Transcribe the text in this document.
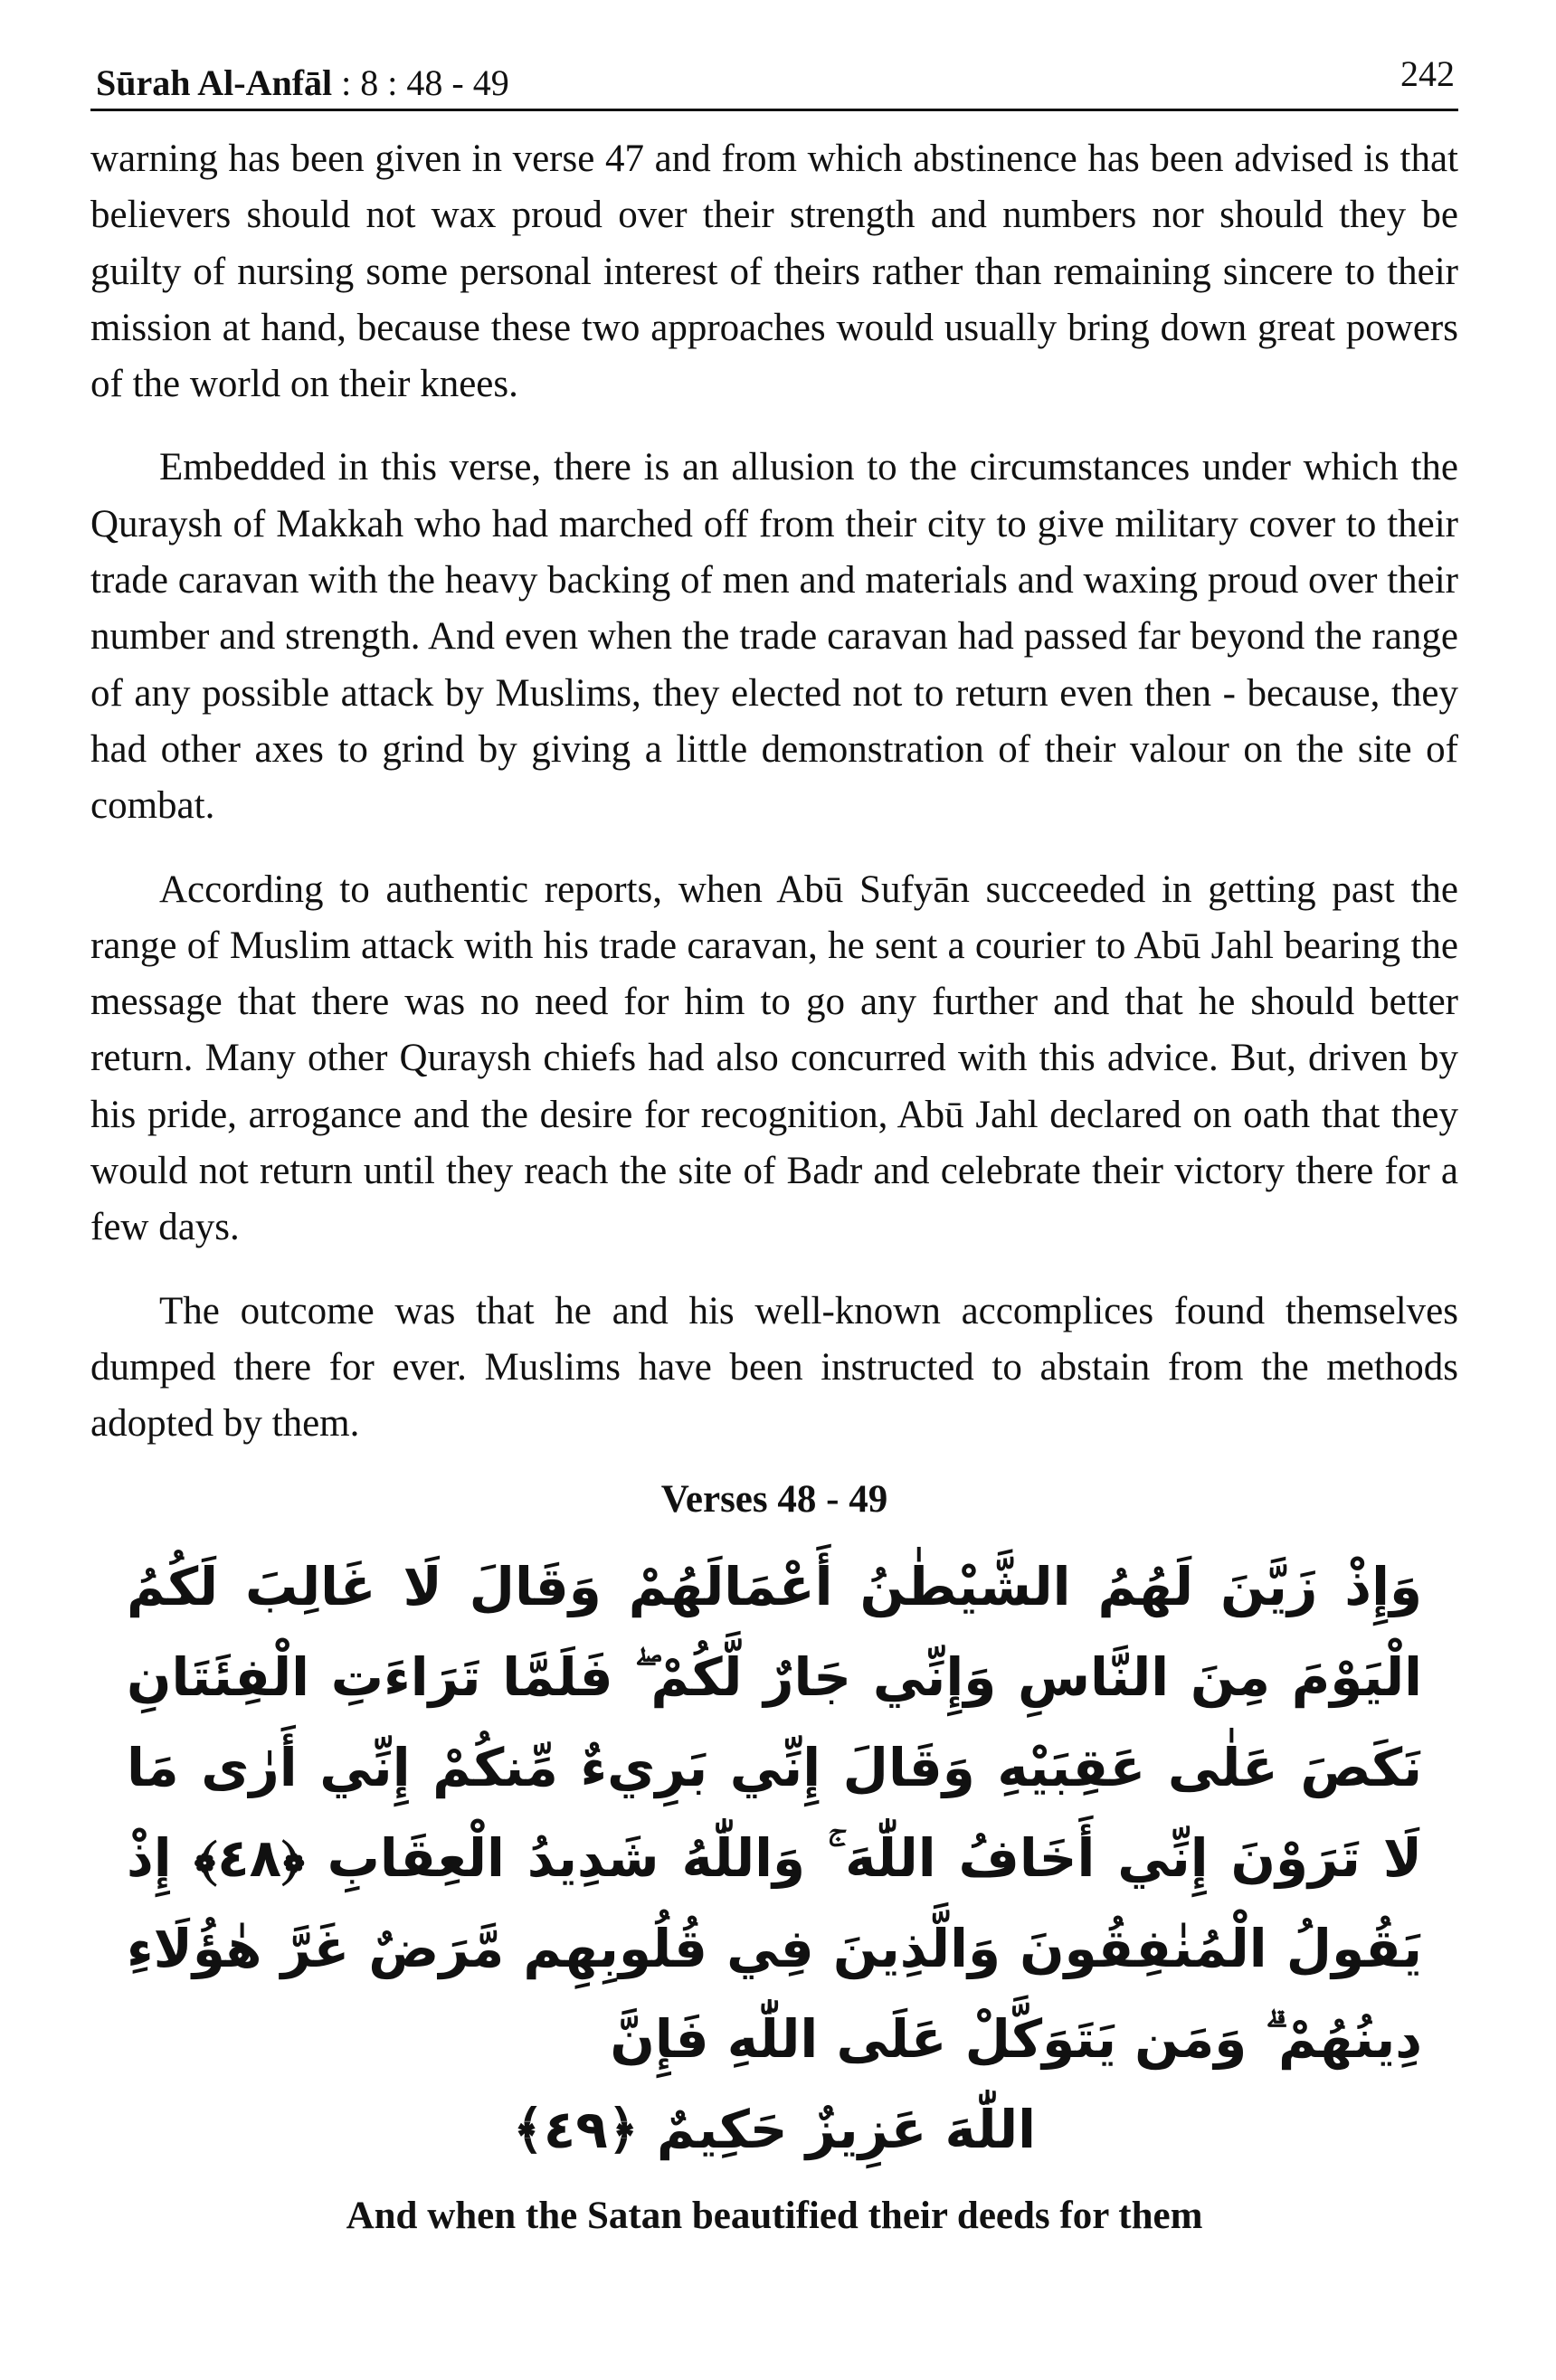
Sūrah Al-Anfāl : 8 : 48 - 49	242

warning has been given in verse 47 and from which abstinence has been advised is that believers should not wax proud over their strength and numbers nor should they be guilty of nursing some personal interest of theirs rather than remaining sincere to their mission at hand, because these two approaches would usually bring down great powers of the world on their knees.

Embedded in this verse, there is an allusion to the circumstances under which the Quraysh of Makkah who had marched off from their city to give military cover to their trade caravan with the heavy backing of men and materials and waxing proud over their number and strength. And even when the trade caravan had passed far beyond the range of any possible attack by Muslims, they elected not to return even then - because, they had other axes to grind by giving a little demonstration of their valour on the site of combat.

According to authentic reports, when Abū Sufyān succeeded in getting past the range of Muslim attack with his trade caravan, he sent a courier to Abū Jahl bearing the message that there was no need for him to go any further and that he should better return. Many other Quraysh chiefs had also concurred with this advice. But, driven by his pride, arrogance and the desire for recognition, Abū Jahl declared on oath that they would not return until they reach the site of Badr and celebrate their victory there for a few days.

The outcome was that he and his well-known accomplices found themselves dumped there for ever. Muslims have been instructed to abstain from the methods adopted by them.

Verses 48 - 49
وَإِذْ زَيَّنَ لَهُمُ الشَّيْطٰنُ أَعْمَالَهُمْ وَقَالَ لَا غَالِبَ لَكُمُ الْيَوْمَ مِنَ النَّاسِ وَإِنِّي جَارٌ لَّكُمْ ۖ فَلَمَّا تَرَاءَتِ الْفِئَتَانِ نَكَصَ عَلٰى عَقِبَيْهِ وَقَالَ إِنِّي بَرِيءٌ مِّنكُمْ إِنِّي أَرٰى مَا لَا تَرَوْنَ إِنِّي أَخَافُ اللّٰهَ ۚ وَاللّٰهُ شَدِيدُ الْعِقَابِ ﴿٤٨﴾ إِذْ يَقُولُ الْمُنٰفِقُونَ وَالَّذِينَ فِي قُلُوبِهِم مَّرَضٌ غَرَّ هٰؤُلَاءِ دِينُهُمْ ۗ وَمَن يَتَوَكَّلْ عَلَى اللّٰهِ فَإِنَّ
اللّٰهَ عَزِيزٌ حَكِيمٌ ﴿٤٩﴾
And when the Satan beautified their deeds for them
